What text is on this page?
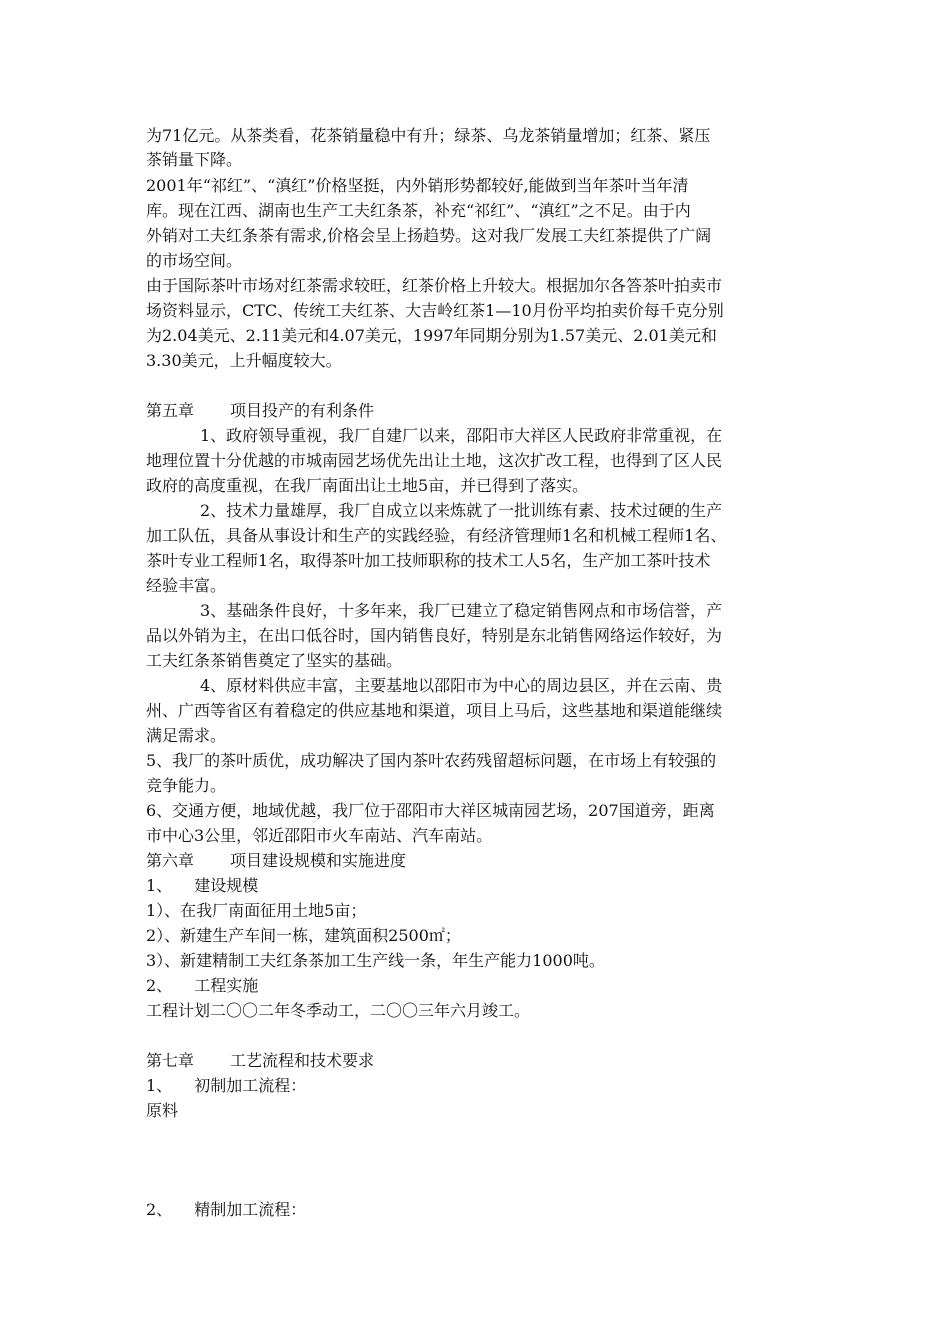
为71亿元。从茶类看，花茶销量稳中有升；绿茶、乌龙茶销量增加；红茶、紧压
茶销量下降。
2001年“祁红”、“滇红”价格坚挺，内外销形势都较好,能做到当年茶叶当年清
库。现在江西、湖南也生产工夫红条茶，补充“祁红”、“滇红”之不足。由于内
外销对工夫红条茶有需求,价格会呈上扬趋势。这对我厂发展工夫红茶提供了广阔
的市场空间。
由于国际茶叶市场对红茶需求较旺，红茶价格上升较大。根据加尔各答茶叶拍卖市
场资料显示，CTC、传统工夫红茶、大吉岭红茶1—10月份平均拍卖价每千克分别
为2.04美元、2.11美元和4.07美元，1997年同期分别为1.57美元、2.01美元和
3.30美元，上升幅度较大。
第五章 项目投产的有利条件
1、政府领导重视，我厂自建厂以来，邵阳市大祥区人民政府非常重视，在
地理位置十分优越的市城南园艺场优先出让土地，这次扩改工程，也得到了区人民
政府的高度重视，在我厂南面出让土地5亩，并已得到了落实。
2、技术力量雄厚，我厂自成立以来炼就了一批训练有素、技术过硬的生产
加工队伍，具备从事设计和生产的实践经验，有经济管理师1名和机械工程师1名、
茶叶专业工程师1名，取得茶叶加工技师职称的技术工人5名，生产加工茶叶技术
经验丰富。
3、基础条件良好，十多年来，我厂已建立了稳定销售网点和市场信誉，产
品以外销为主，在出口低谷时，国内销售良好，特别是东北销售网络运作较好，为
工夫红条茶销售奠定了坚实的基础。
4、原材料供应丰富，主要基地以邵阳市为中心的周边县区，并在云南、贵
州、广西等省区有着稳定的供应基地和渠道，项目上马后，这些基地和渠道能继续
满足需求。
5、我厂的茶叶质优，成功解决了国内茶叶农药残留超标问题，在市场上有较强的
竞争能力。
6、交通方便，地域优越，我厂位于邵阳市大祥区城南园艺场，207国道旁，距离
市中心3公里，邻近邵阳市火车南站、汽车南站。
第六章 项目建设规模和实施进度
1、 建设规模
1）、在我厂南面征用土地5亩；
2）、新建生产车间一栋，建筑面积2500㎡；
3）、新建精制工夫红条茶加工生产线一条，年生产能力1000吨。
2、 工程实施
工程计划二〇〇二年冬季动工，二〇〇三年六月竣工。
第七章 工艺流程和技术要求
1、 初制加工流程：
原料
2、 精制加工流程：
